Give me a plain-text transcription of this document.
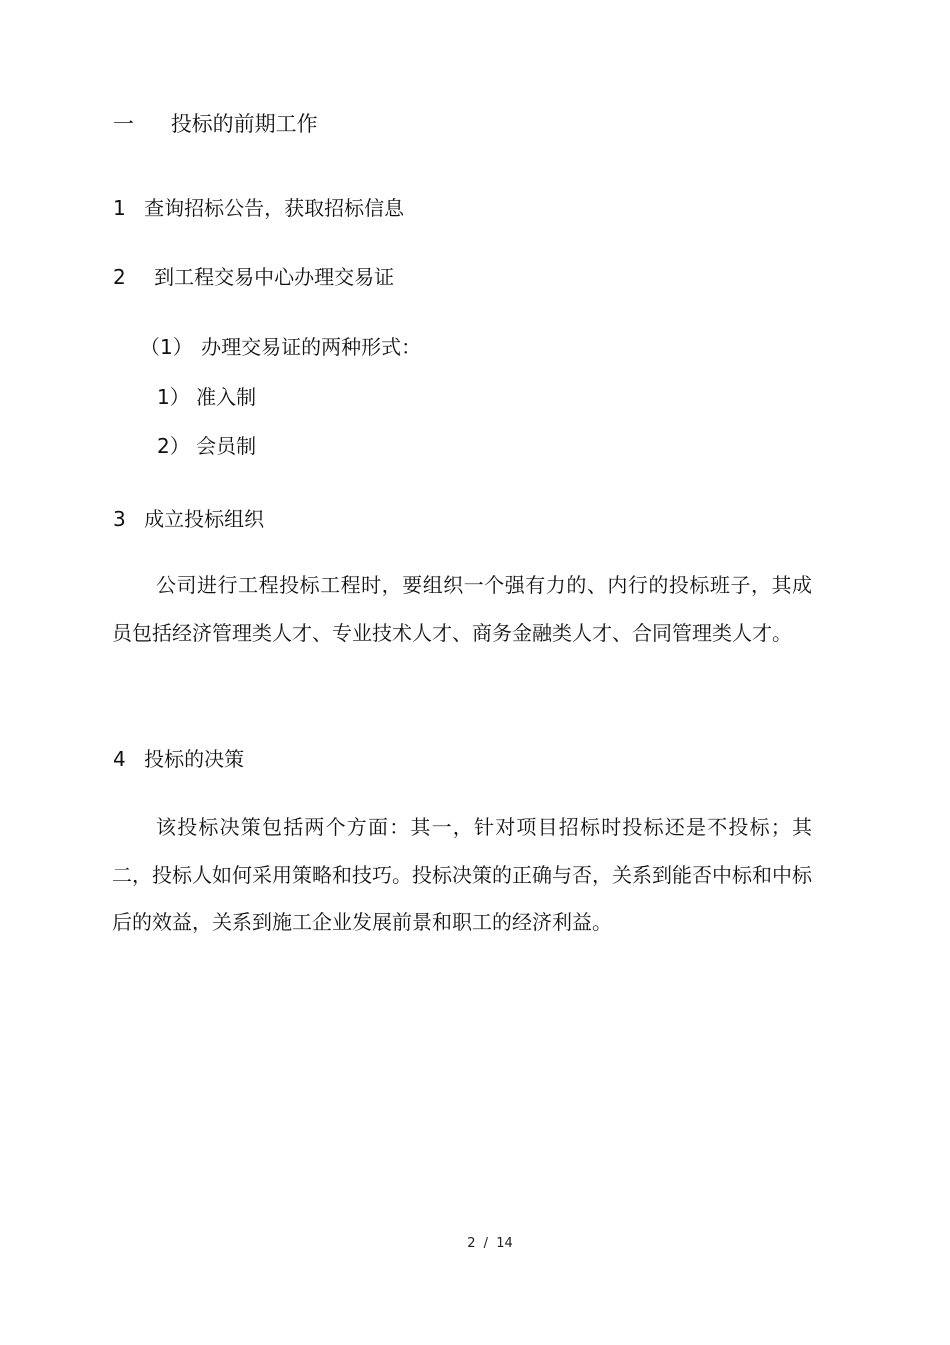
一 投标的前期工作
1 查询招标公告，获取招标信息
2 到工程交易中心办理交易证
（1） 办理交易证的两种形式：
1） 准入制
2） 会员制
3 成立投标组织

公司进行工程投标工程时，要组织一个强有力的、内行的投标班子，其成员包括经济管理类人才、专业技术人才、商务金融类人才、合同管理类人才。

4 投标的决策

该投标决策包括两个方面：其一，针对项目招标时投标还是不投标；其二，投标人如何采用策略和技巧。投标决策的正确与否，关系到能否中标和中标后的效益，关系到施工企业发展前景和职工的经济利益。

2 / 14
